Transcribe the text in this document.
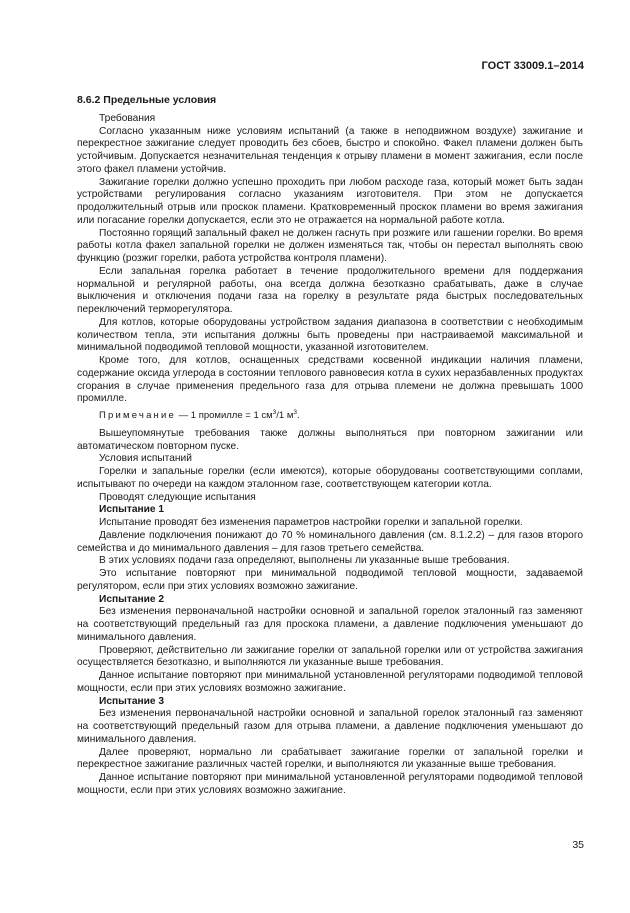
ГОСТ 33009.1–2014

8.6.2 Предельные условия

Требования

Согласно указанным ниже условиям испытаний (а также в неподвижном воздухе) зажигание и перекрестное зажигание следует проводить без сбоев, быстро и спокойно. Факел пламени должен быть устойчивым. Допускается незначительная тенденция к отрыву пламени в момент зажигания, если после этого факел пламени устойчив.

Зажигание горелки должно успешно проходить при любом расходе газа, который может быть задан устройствами регулирования согласно указаниям изготовителя. При этом не допускается продолжительный отрыв или проскок пламени. Кратковременный проскок пламени во время зажигания или погасание горелки допускается, если это не отражается на нормальной работе котла.

Постоянно горящий запальный факел не должен гаснуть при розжиге или гашении горелки. Во время работы котла факел запальной горелки не должен изменяться так, чтобы он перестал выполнять свою функцию (розжиг горелки, работа устройства контроля пламени).

Если запальная горелка работает в течение продолжительного времени для поддержания нормальной и регулярной работы, она всегда должна безотказно срабатывать, даже в случае выключения и отключения подачи газа на горелку в результате ряда быстрых последовательных переключений терморегулятора.

Для котлов, которые оборудованы устройством задания диапазона в соответствии с необходимым количеством тепла, эти испытания должны быть проведены при настраиваемой максимальной и минимальной подводимой тепловой мощности, указанной изготовителем.

Кроме того, для котлов, оснащенных средствами косвенной индикации наличия пламени, содержание оксида углерода в состоянии теплового равновесия котла в сухих неразбавленных продуктах сгорания в случае применения предельного газа для отрыва племени не должна превышать 1000 промилле.

Примечание — 1 промилле = 1 $см^3/1$ $м^3$.

Вышеупомянутые требования также должны выполняться при повторном зажигании или автоматическом повторном пуске.

Условия испытаний

Горелки и запальные горелки (если имеются), которые оборудованы соответствующими соплами, испытывают по очереди на каждом эталонном газе, соответствующем категории котла.

Проводят следующие испытания

Испытание 1

Испытание проводят без изменения параметров настройки горелки и запальной горелки.

Давление подключения понижают до 70 % номинального давления (см. 8.1.2.2) – для газов второго семейства и до минимального давления – для газов третьего семейства.

В этих условиях подачи газа определяют, выполнены ли указанные выше требования.

Это испытание повторяют при минимальной подводимой тепловой мощности, задаваемой регулятором, если при этих условиях возможно зажигание.

Испытание 2

Без изменения первоначальной настройки основной и запальной горелок эталонный газ заменяют на соответствующий предельный газ для проскока пламени, а давление подключения уменьшают до минимального давления.

Проверяют, действительно ли зажигание горелки от запальной горелки или от устройства зажигания осуществляется безотказно, и выполняются ли указанные выше требования.

Данное испытание повторяют при минимальной установленной регуляторами подводимой тепловой мощности, если при этих условиях возможно зажигание.

Испытание 3

Без изменения первоначальной настройки основной и запальной горелок эталонный газ заменяют на соответствующий предельный газом для отрыва пламени, а давление подключения уменьшают до минимального давления.

Далее проверяют, нормально ли срабатывает зажигание горелки от запальной горелки и перекрестное зажигание различных частей горелки, и выполняются ли указанные выше требования.

Данное испытание повторяют при минимальной установленной регуляторами подводимой тепловой мощности, если при этих условиях возможно зажигание.

35
